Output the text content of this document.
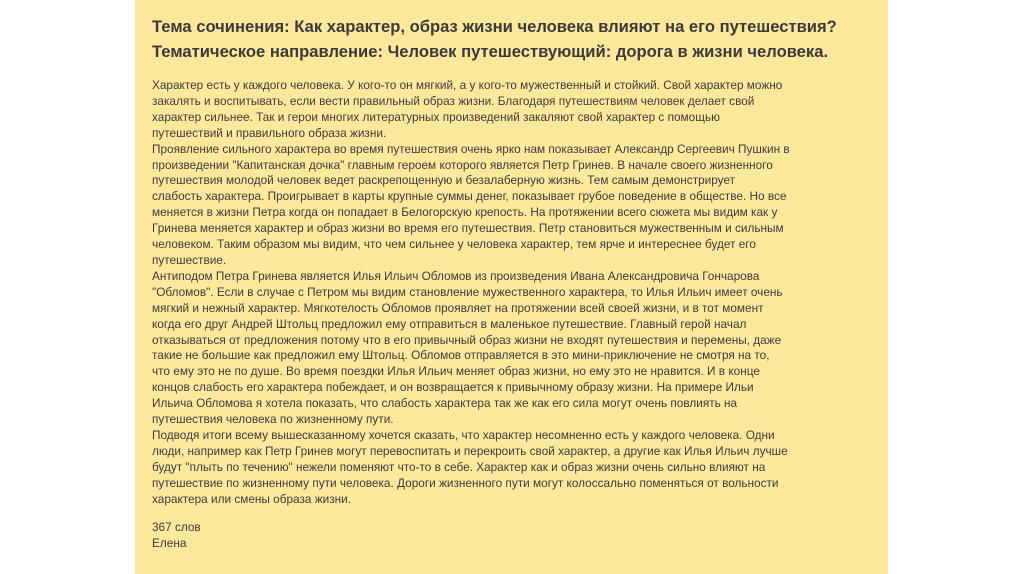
Тема сочинения: Как характер, образ жизни человека влияют на его путешествия?
Тематическое направление: Человек путешествующий: дорога в жизни человека.

Характер есть у каждого человека. У кого-то он мягкий, а у кого-то мужественный и стойкий. Свой характер можно

закалять и воспитывать, если вести правильный образ жизни. Благодаря путешествиям человек делает свой

характер сильнее. Так и герои многих литературных произведений закаляют свой характер с помощью

путешествий и правильного образа жизни.

Проявление сильного характера во время путешествия очень ярко нам показывает Александр Сергеевич Пушкин в

произведении "Капитанская дочка" главным героем которого является Петр Гринев. В начале своего жизненного

путешествия молодой человек ведет раскрепощенную и безалаберную жизнь. Тем самым демонстрирует

слабость характера. Проигрывает в карты крупные суммы денег, показывает грубое поведение в обществе. Но все

меняется в жизни Петра когда он попадает в Белогорскую крепость. На протяжении всего сюжета мы видим как у

Гринева меняется характер и образ жизни во время его путешествия. Петр становиться мужественным и сильным

человеком. Таким образом мы видим, что чем сильнее у человека характер, тем ярче и интереснее будет его

путешествие.

Антиподом Петра Гринева является Илья Ильич Обломов из произведения Ивана Александровича Гончарова

"Обломов". Если в случае с Петром мы видим становление мужественного характера, то Илья Ильич имеет очень

мягкий и нежный характер. Мягкотелость Обломов проявляет на протяжении всей своей жизни, и в тот момент

когда его друг Андрей Штольц предложил ему отправиться в маленькое путешествие. Главный герой начал

отказываться от предложения потому что в его привычный образ жизни не входят путешествия и перемены, даже

такие не большие как предложил ему Штольц. Обломов отправляется в это мини-приключение не смотря на то,

что ему это не по душе. Во время поездки Илья Ильич меняет образ жизни, но ему это не нравится. И в конце

концов слабость его характера побеждает, и он возвращается к привычному образу жизни. На примере Ильи

Ильича Обломова я хотела показать, что слабость характера так же как его сила могут очень повлиять на

путешествия человека по жизненному пути.

Подводя итоги всему вышесказанному хочется сказать, что характер несомненно есть у каждого человека. Одни

люди, например как Петр Гринев могут перевоспитать и перекроить свой характер, а другие как Илья Ильич лучше

будут "плыть по течению" нежели поменяют что-то в себе. Характер как и образ жизни очень сильно влияют на

путешествие по жизненному пути человека. Дороги жизненного пути могут колоссально поменяться от вольности

характера или смены образа жизни.

367 слов
Елена
